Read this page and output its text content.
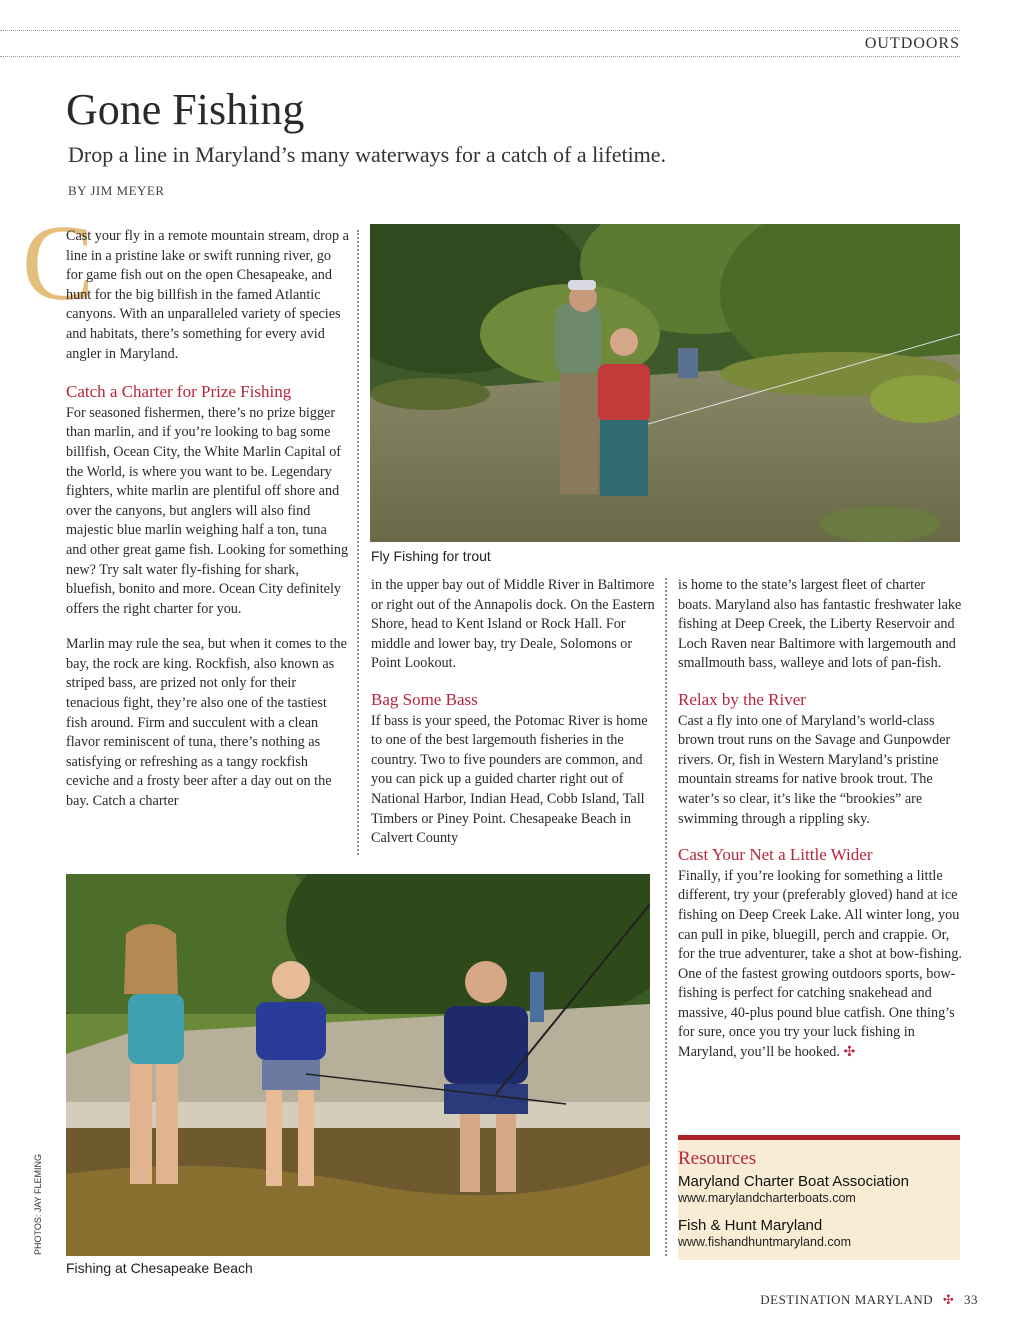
OUTDOORS
Gone Fishing
Drop a line in Maryland’s many waterways for a catch of a lifetime.
BY JIM MEYER
C

Cast your fly in a remote mountain stream, drop a line in a pristine lake or swift running river, go for game fish out on the open Chesapeake, and hunt for the big billfish in the famed Atlantic canyons. With an unparalleled variety of species and habitats, there’s something for every avid angler in Maryland.

Catch a Charter for Prize Fishing

For seasoned fishermen, there’s no prize bigger than marlin, and if you’re looking to bag some billfish, Ocean City, the White Marlin Capital of the World, is where you want to be. Legendary fighters, white marlin are plentiful off shore and over the canyons, but anglers will also find majestic blue marlin weighing half a ton, tuna and other great game fish. Looking for something new? Try salt water fly-fishing for shark, bluefish, bonito and more. Ocean City definitely offers the right charter for you.

Marlin may rule the sea, but when it comes to the bay, the rock are king. Rockfish, also known as striped bass, are prized not only for their tenacious fight, they’re also one of the tastiest fish around. Firm and succulent with a clean flavor reminiscent of tuna, there’s nothing as satisfying or refreshing as a tangy rockfish ceviche and a frosty beer after a day out on the bay. Catch a charter

Fly Fishing for trout

in the upper bay out of Middle River in Baltimore or right out of the Annapolis dock. On the Eastern Shore, head to Kent Island or Rock Hall. For middle and lower bay, try Deale, Solomons or Point Lookout.

Bag Some Bass

If bass is your speed, the Potomac River is home to one of the best largemouth fisheries in the country. Two to five pounders are common, and you can pick up a guided charter right out of National Harbor, Indian Head, Cobb Island, Tall Timbers or Piney Point. Chesapeake Beach in Calvert County

is home to the state’s largest fleet of charter boats. Maryland also has fantastic freshwater lake fishing at Deep Creek, the Liberty Reservoir and Loch Raven near Baltimore with largemouth and smallmouth bass, walleye and lots of pan-fish.

Relax by the River

Cast a fly into one of Maryland’s world-class brown trout runs on the Savage and Gunpowder rivers. Or, fish in Western Maryland’s pristine mountain streams for native brook trout. The water’s so clear, it’s like the “brookies” are swimming through a rippling sky.

Cast Your Net a Little Wider

Finally, if you’re looking for something a little different, try your (preferably gloved) hand at ice fishing on Deep Creek Lake. All winter long, you can pull in pike, bluegill, perch and crappie. Or, for the true adventurer, take a shot at bow-fishing. One of the fastest growing outdoors sports, bow-fishing is perfect for catching snakehead and massive, 40-plus pound blue catfish. One thing’s for sure, once you try your luck fishing in Maryland, you’ll be hooked. ✣

Fishing at Chesapeake Beach
PHOTOS: JAY FLEMING	Resources
Maryland Charter Boat Association
www.marylandcharterboats.com
Fish & Hunt Maryland
www.fishandhuntmaryland.com
DESTINATION MARYLAND ✣ 33
